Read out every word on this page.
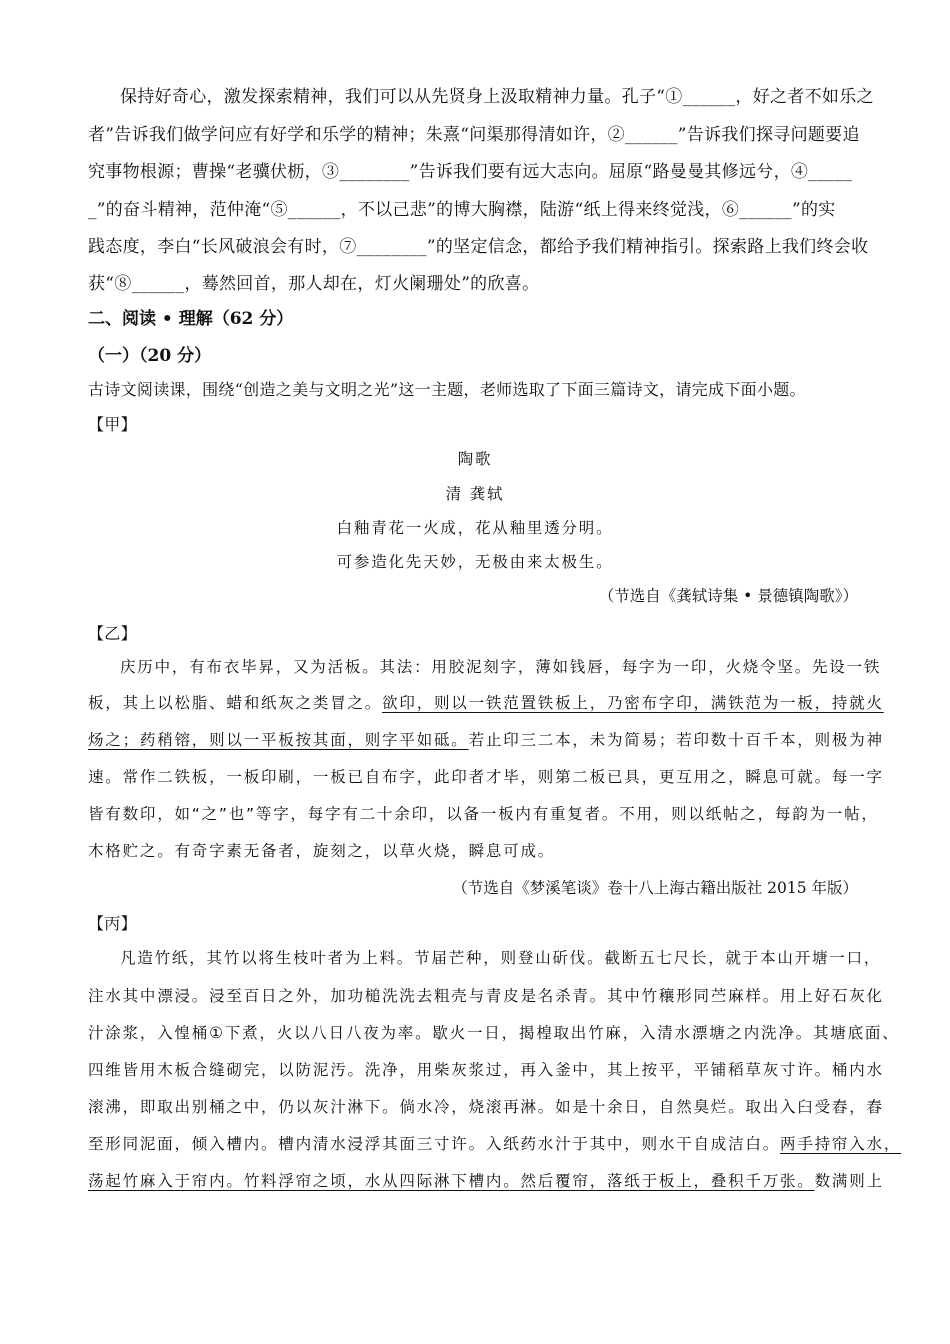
保持好奇心，激发探索精神，我们可以从先贤身上汲取精神力量。孔子“①______，好之者不如乐之
者”告诉我们做学问应有好学和乐学的精神；朱熹“问渠那得清如许，②______”告诉我们探寻问题要追
究事物根源；曹操“老骥伏枥，③________”告诉我们要有远大志向。屈原“路曼曼其修远兮，④_____
_”的奋斗精神，范仲淹“⑤______，不以己悲”的博大胸襟，陆游“纸上得来终觉浅，⑥______”的实
践态度，李白“长风破浪会有时，⑦________”的坚定信念，都给予我们精神指引。探索路上我们终会收
获“⑧______，蓦然回首，那人却在，灯火阑珊处”的欣喜。
二、阅读 • 理解（62 分）
（一）（20 分）
古诗文阅读课，围绕“创造之美与文明之光”这一主题，老师选取了下面三篇诗文，请完成下面小题。
【甲】
陶歌
清 龚轼
白釉青花一火成，花从釉里透分明。
可参造化先天妙，无极由来太极生。
（节选自《龚轼诗集 • 景德镇陶歌》）
【乙】
庆历中，有布衣毕昇，又为活板。其法：用胶泥刻字，薄如钱唇，每字为一印，火烧令坚。先设一铁
板，其上以松脂、蜡和纸灰之类冒之。欲印，则以一铁范置铁板上，乃密布字印，满铁范为一板，持就火
炀之；药稍镕，则以一平板按其面，则字平如砥。若止印三二本，未为简易；若印数十百千本，则极为神
速。常作二铁板，一板印刷，一板已自布字，此印者才毕，则第二板已具，更互用之，瞬息可就。每一字
皆有数印，如“之”也”等字，每字有二十余印，以备一板内有重复者。不用，则以纸帖之，每韵为一帖，
木格贮之。有奇字素无备者，旋刻之，以草火烧，瞬息可成。
（节选自《梦溪笔谈》卷十八上海古籍出版社 2015 年版）
【丙】
凡造竹纸，其竹以将生枝叶者为上料。节届芒种，则登山斫伐。截断五七尺长，就于本山开塘一口，
注水其中漂浸。浸至百日之外，加功槌洗洗去粗壳与青皮是名杀青。其中竹穰形同苎麻样。用上好石灰化
汁涂浆，入惶桶①下煮，火以八日八夜为率。歇火一日，揭楻取出竹麻，入清水漂塘之内洗净。其塘底面、
四维皆用木板合缝砌完，以防泥汚。洗净，用柴灰浆过，再入釜中，其上按平，平铺稻草灰寸许。桶内水
滚沸，即取出别桶之中，仍以灰汁淋下。倘水冷，烧滚再淋。如是十余日，自然臭烂。取出入臼受舂，舂
至形同泥面，倾入槽内。槽内清水浸浮其面三寸许。入纸药水汁于其中，则水干自成洁白。两手持帘入水，
荡起竹麻入于帘内。竹料浮帘之顷，水从四际淋下槽内。然后覆帘，落纸于板上，叠积千万张。数满则上
